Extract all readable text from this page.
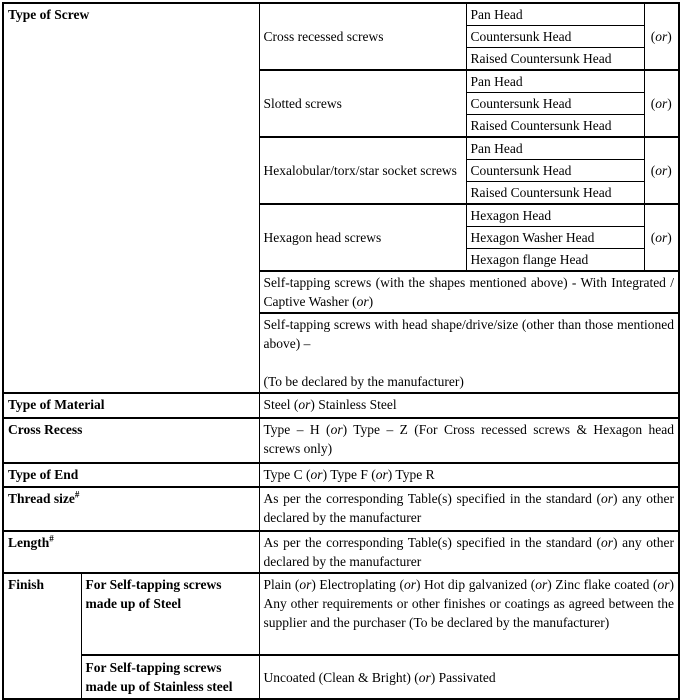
Type of Screw		Cross recessed screws	Pan Head	(or)
			Countersunk Head	
			Raised Countersunk Head	
		Slotted screws	Pan Head	(or)
			Countersunk Head	
			Raised Countersunk Head	
		Hexalobular/torx/star socket screws	Pan Head	(or)
			Countersunk Head	
			Raised Countersunk Head	
		Hexagon head screws	Hexagon Head	(or)
			Hexagon Washer Head	
			Hexagon flange Head	
		Self-tapping screws (with the shapes mentioned above) - With Integrated / Captive Washer (or)		

		Self-tapping screws with head shape/drive/size (other than those mentioned above) –
(To be declared by the manufacturer)		

Type of Material		Steel (or) Stainless Steel		
Cross Recess		Type – H (or) Type – Z (For Cross recessed screws & Hexagon head screws only)		
Type of End		Type C (or) Type F (or) Type R		
Thread size#		As per the corresponding Table(s) specified in the standard (or) any other declared by the manufacturer		
Length#		As per the corresponding Table(s) specified in the standard (or) any other declared by the manufacturer		
Finish	For Self-tapping screws made up of Steel	Plain (or) Electroplating (or) Hot dip galvanized (or) Zinc flake coated (or) Any other requirements or other finishes or coatings as agreed between the supplier and the purchaser (To be declared by the manufacturer)		
	For Self-tapping screws made up of Stainless steel	Uncoated (Clean & Bright) (or) Passivated		
